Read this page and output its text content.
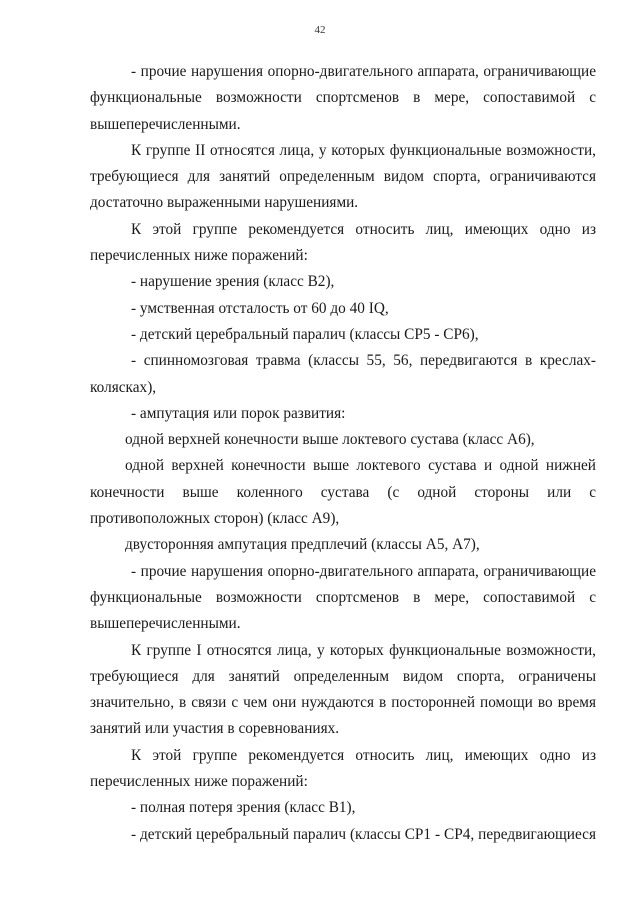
42

- прочие нарушения опорно-двигательного аппарата, ограничивающие

функциональные возможности спортсменов в мере, сопоставимой с

вышеперечисленными.

К группе II относятся лица, у которых функциональные возможности,

требующиеся для занятий определенным видом спорта, ограничиваются

достаточно выраженными нарушениями.

К этой группе рекомендуется относить лиц, имеющих одно из

перечисленных ниже поражений:

- нарушение зрения (класс В2),

- умственная отсталость от 60 до 40 IQ,

- детский церебральный паралич (классы СР5 - СР6),

- спинномозговая травма (классы 55, 56, передвигаются в креслах-

колясках),

- ампутация или порок развития:

одной верхней конечности выше локтевого сустава (класс А6),

одной верхней конечности выше локтевого сустава и одной нижней

конечности выше коленного сустава (с одной стороны или с

противоположных сторон) (класс А9),

двусторонняя ампутация предплечий (классы А5, А7),

- прочие нарушения опорно-двигательного аппарата, ограничивающие

функциональные возможности спортсменов в мере, сопоставимой с

вышеперечисленными.

К группе I относятся лица, у которых функциональные возможности,

требующиеся для занятий определенным видом спорта, ограничены

значительно, в связи с чем они нуждаются в посторонней помощи во время

занятий или участия в соревнованиях.

К этой группе рекомендуется относить лиц, имеющих одно из

перечисленных ниже поражений:

- полная потеря зрения (класс В1),

- детский церебральный паралич (классы СР1 - СР4, передвигающиеся
